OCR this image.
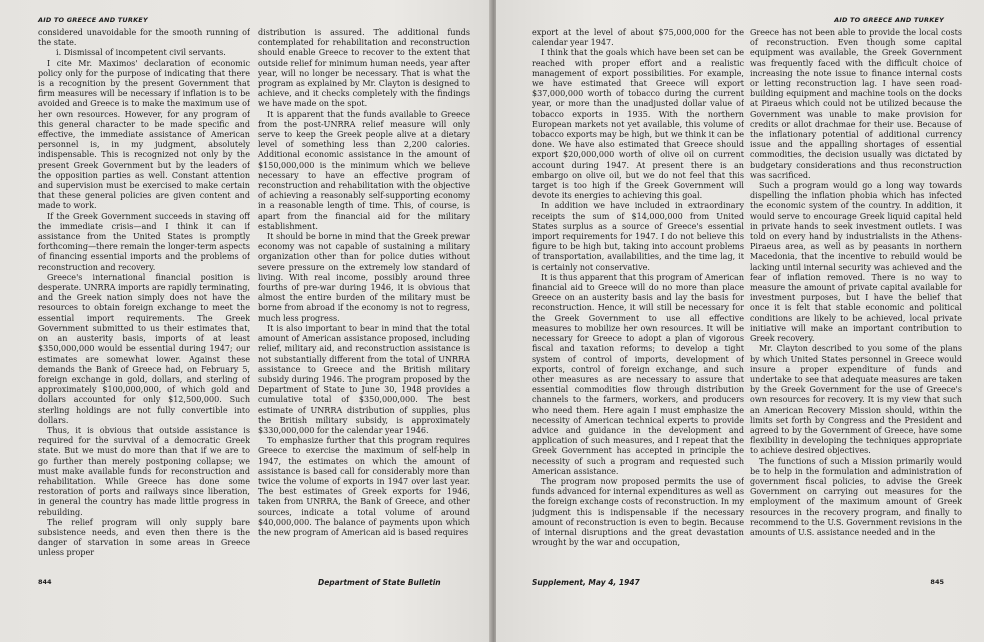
AID TO GREECE AND TURKEY

considered unavoidable for the smooth running of the state.

i. Dismissal of incompetent civil servants.

I cite Mr. Maximos' declaration of economic policy only for the purpose of indicating that there is a recognition by the present Government that firm measures will be necessary if inflation is to be avoided and Greece is to make the maximum use of her own resources. However, for any program of this general character to be made specific and effective, the immediate assistance of American personnel is, in my judgment, absolutely indispensable. This is recognized not only by the present Greek Government but by the leaders of the opposition parties as well. Constant attention and supervision must be exercised to make certain that these general policies are given content and made to work.

If the Greek Government succeeds in staving off the immediate crisis—and I think it can if assistance from the United States is promptly forthcoming—there remain the longer-term aspects of financing essential imports and the problems of reconstruction and recovery.

Greece's international financial position is desperate. UNRRA imports are rapidly terminating, and the Greek nation simply does not have the resources to obtain foreign exchange to meet the essential import requirements. The Greek Government submitted to us their estimates that, on an austerity basis, imports of at least $350,000,000 would be essential during 1947; our estimates are somewhat lower. Against these demands the Bank of Greece had, on February 5, foreign exchange in gold, dollars, and sterling of approximately $100,000,000, of which gold and dollars accounted for only $12,500,000. Such sterling holdings are not fully convertible into dollars.

Thus, it is obvious that outside assistance is required for the survival of a democratic Greek state. But we must do more than that if we are to go further than merely postponing collapse; we must make available funds for reconstruction and rehabilitation. While Greece has done some restoration of ports and railways since liberation, in general the country has made little progress in rebuilding.

The relief program will only supply bare subsistence needs, and even then there is the danger of starvation in some areas in Greece unless proper

distribution is assured. The additional funds contemplated for rehabilitation and reconstruction should enable Greece to recover to the extent that outside relief for minimum human needs, year after year, will no longer be necessary. That is what the program as explained by Mr. Clayton is designed to achieve, and it checks completely with the findings we have made on the spot.

It is apparent that the funds available to Greece from the post-UNRRA relief measure will only serve to keep the Greek people alive at a dietary level of something less than 2,200 calories. Additional economic assistance in the amount of $150,000,000 is the minimum which we believe necessary to have an effective program of reconstruction and rehabilitation with the objective of achieving a reasonably self-supporting economy in a reasonable length of time. This, of course, is apart from the financial aid for the military establishment.

It should be borne in mind that the Greek prewar economy was not capable of sustaining a military organization other than for police duties without severe pressure on the extremely low standard of living. With real income, possibly around three fourths of pre-war during 1946, it is obvious that almost the entire burden of the military must be borne from abroad if the economy is not to regress, much less progress.

It is also important to bear in mind that the total amount of American assistance proposed, including relief, military aid, and reconstruction assistance is not substantially different from the total of UNRRA assistance to Greece and the British military subsidy during 1946. The program proposed by the Department of State to June 30, 1948 provides a cumulative total of $350,000,000. The best estimate of UNRRA distribution of supplies, plus the British military subsidy, is approximately $330,000,000 for the calendar year 1946.

To emphasize further that this program requires Greece to exercise the maximum of self-help in 1947, the estimates on which the amount of assistance is based call for considerably more than twice the volume of exports in 1947 over last year. The best estimates of Greek exports for 1946, taken from UNRRA, the Bank of Greece, and other sources, indicate a total volume of around $40,000,000. The balance of payments upon which the new program of American aid is based requires

844	Department of State Bulletin
AID TO GREECE AND TURKEY

export at the level of about $75,000,000 for the calendar year 1947.

I think that the goals which have been set can be reached with proper effort and a realistic management of export possibilities. For example, we have estimated that Greece will export $37,000,000 worth of tobacco during the current year, or more than the unadjusted dollar value of tobacco exports in 1935. With the northern European markets not yet available, this volume of tobacco exports may be high, but we think it can be done. We have also estimated that Greece should export $20,000,000 worth of olive oil on current account during 1947. At present there is an embargo on olive oil, but we do not feel that this target is too high if the Greek Government will devote its energies to achieving this goal.

In addition we have included in extraordinary receipts the sum of $14,000,000 from United States surplus as a source of Greece's essential import requirements for 1947. I do not believe this figure to be high but, taking into account problems of transportation, availabilities, and the time lag, it is certainly not conservative.

It is thus apparent that this program of American financial aid to Greece will do no more than place Greece on an austerity basis and lay the basis for reconstruction. Hence, it will still be necessary for the Greek Government to use all effective measures to mobilize her own resources. It will be necessary for Greece to adopt a plan of vigorous fiscal and taxation reforms; to develop a tight system of control of imports, development of exports, control of foreign exchange, and such other measures as are necessary to assure that essential commodities flow through distribution channels to the farmers, workers, and producers who need them. Here again I must emphasize the necessity of American technical experts to provide advice and guidance in the development and application of such measures, and I repeat that the Greek Government has accepted in principle the necessity of such a program and requested such American assistance.

The program now proposed permits the use of funds advanced for internal expenditures as well as the foreign exchange costs of reconstruction. In my judgment this is indispensable if the necessary amount of reconstruction is even to begin. Because of internal disruptions and the great devastation wrought by the war and occupation,

Greece has not been able to provide the local costs of reconstruction. Even though some capital equipment was available, the Greek Government was frequently faced with the difficult choice of increasing the note issue to finance internal costs or letting reconstruction lag. I have seen road-building equipment and machine tools on the docks at Piraeus which could not be utilized because the Government was unable to make provision for credits or allot drachmae for their use. Because of the inflationary potential of additional currency issue and the appalling shortages of essential commodities, the decision usually was dictated by budgetary considerations and thus reconstruction was sacrificed.

Such a program would go a long way towards dispelling the inflation phobia which has infected the economic system of the country. In addition, it would serve to encourage Greek liquid capital held in private hands to seek investment outlets. I was told on every hand by industrialists in the Athens-Piraeus area, as well as by peasants in northern Macedonia, that the incentive to rebuild would be lacking until internal security was achieved and the fear of inflation removed. There is no way to measure the amount of private capital available for investment purposes, but I have the belief that once it is felt that stable economic and political conditions are likely to be achieved, local private initiative will make an important contribution to Greek recovery.

Mr. Clayton described to you some of the plans by which United States personnel in Greece would insure a proper expenditure of funds and undertake to see that adequate measures are taken by the Greek Government for the use of Greece's own resources for recovery. It is my view that such an American Recovery Mission should, within the limits set forth by Congress and the President and agreed to by the Government of Greece, have some flexibility in developing the techniques appropriate to achieve desired objectives.

The functions of such a Mission primarily would be to help in the formulation and administration of government fiscal policies, to advise the Greek Government on carrying out measures for the employment of the maximum amount of Greek resources in the recovery program, and finally to recommend to the U.S. Government revisions in the amounts of U.S. assistance needed and in the

Supplement, May 4, 1947	845
